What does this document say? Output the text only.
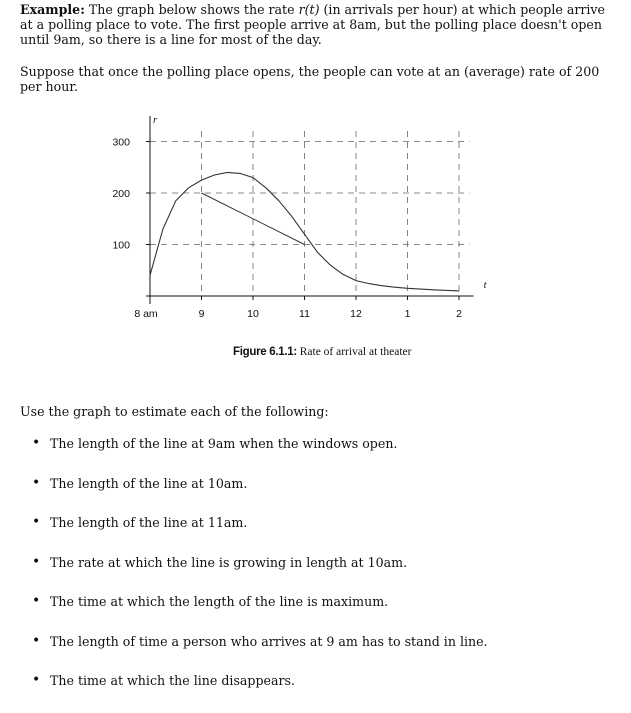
Example: The graph below shows the rate r(t) (in arrivals per hour) at which people arrive at a polling place to vote. The first people arrive at 8am, but the polling place doesn't open until 9am, so there is a line for most of the day.
Suppose that once the polling place opens, the people can vote at an (average) rate of 200 per hour.
100
200
300
8 am	9	10	11	12	1	2
r
t
Figure 6.1.1: Rate of arrival at theater
Use the graph to estimate each of the following:
• The length of the line at 9am when the windows open.
• The length of the line at 10am.
• The length of the line at 11am.
• The rate at which the line is growing in length at 10am.
• The time at which the length of the line is maximum.
• The length of time a person who arrives at 9 am has to stand in line.
• The time at which the line disappears.
